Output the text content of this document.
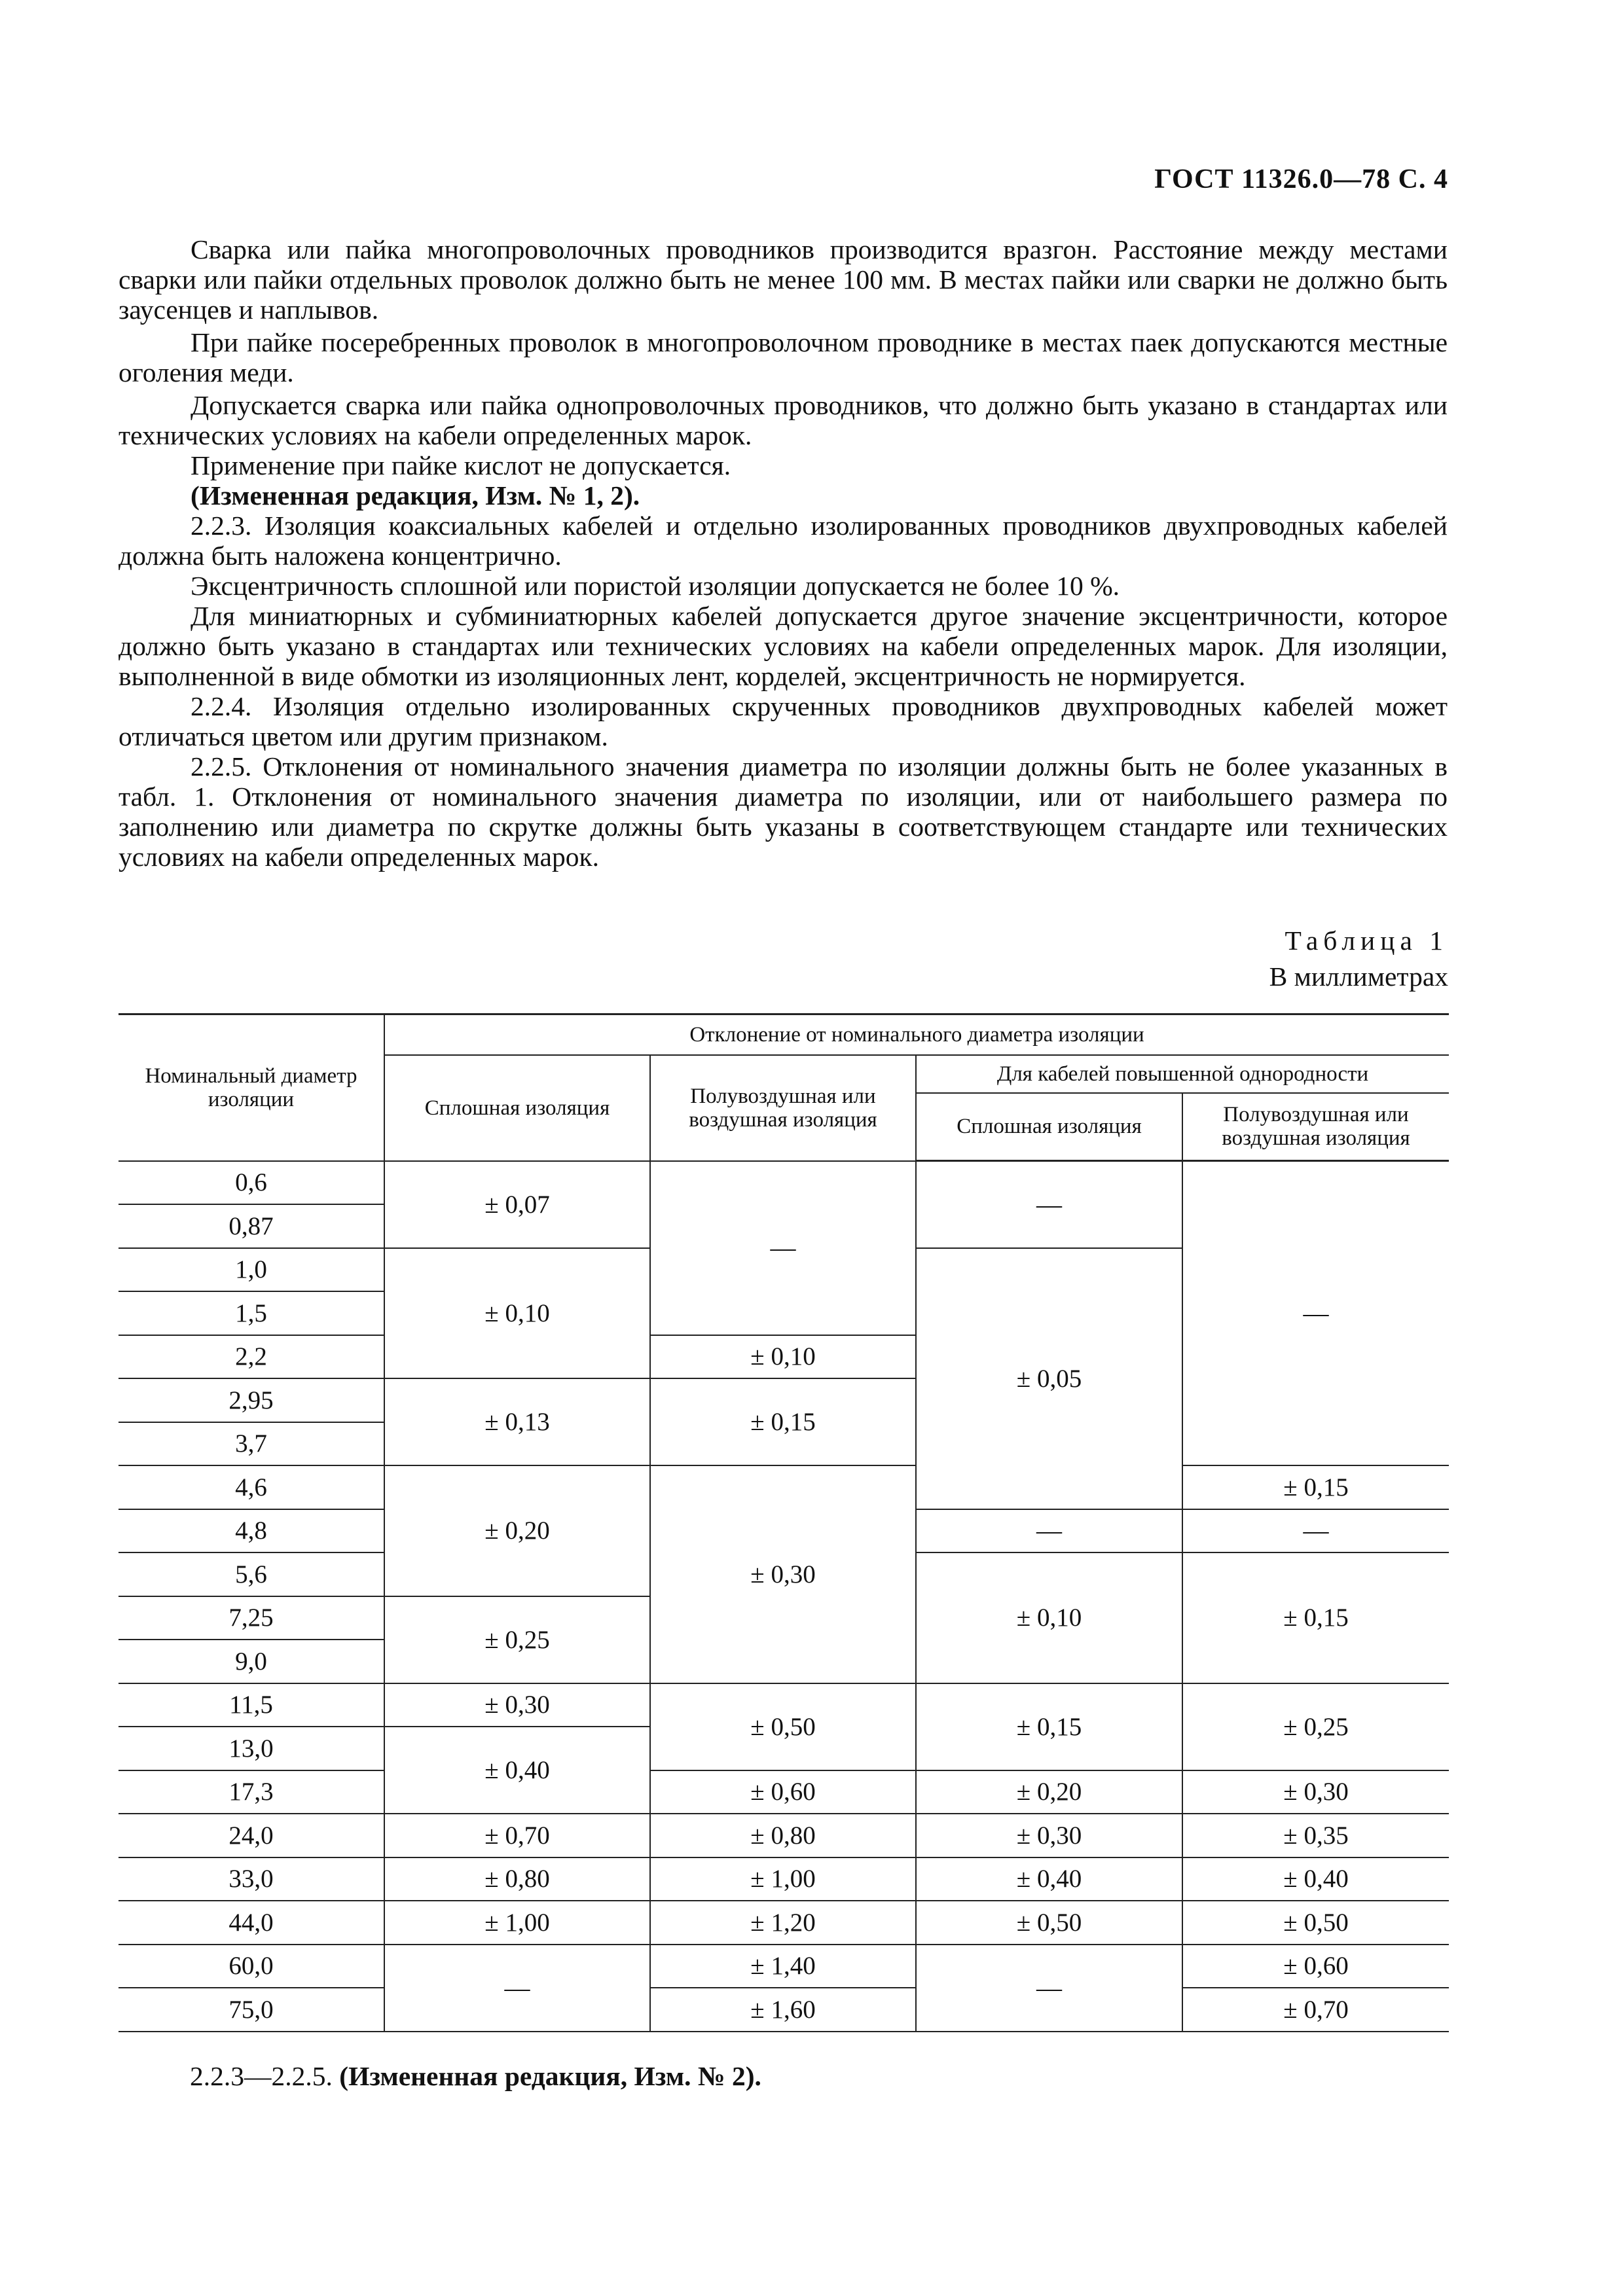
ГОСТ 11326.0—78 С. 4

Сварка или пайка многопроволочных проводников производится вразгон. Расстояние между местами сварки или пайки отдельных проволок должно быть не менее 100 мм. В местах пайки или сварки не должно быть заусенцев и наплывов.

При пайке посеребренных проволок в многопроволочном проводнике в местах паек допускаются местные оголения меди.

Допускается сварка или пайка однопроволочных проводников, что должно быть указано в стандартах или технических условиях на кабели определенных марок.

Применение при пайке кислот не допускается.

(Измененная редакция, Изм. № 1, 2).

2.2.3. Изоляция коаксиальных кабелей и отдельно изолированных проводников двухпроводных кабелей должна быть наложена концентрично.

Эксцентричность сплошной или пористой изоляции допускается не более 10 %.

Для миниатюрных и субминиатюрных кабелей допускается другое значение эксцентричности, которое должно быть указано в стандартах или технических условиях на кабели определенных марок. Для изоляции, выполненной в виде обмотки из изоляционных лент, корделей, эксцентричность не нормируется.

2.2.4. Изоляция отдельно изолированных скрученных проводников двухпроводных кабелей может отличаться цветом или другим признаком.

2.2.5. Отклонения от номинального значения диаметра по изоляции должны быть не более указанных в табл. 1. Отклонения от номинального значения диаметра по изоляции, или от наибольшего размера по заполнению или диаметра по скрутке должны быть указаны в соответствующем стандарте или технических условиях на кабели определенных марок.

Таблица 1
В миллиметрах
Номинальный диаметр изоляции	Отклонение от номинального диаметра изоляции			
	Сплошная изоляция	Полувоздушная или воздушная изоляция	Для кабелей повышенной однородности	
			Сплошная изоляция	Полувоздушная или воздушная изоляция
0,6	± 0,07	—	—	—
0,87				
1,0	± 0,10		± 0,05	
1,5				
2,2		± 0,10		
2,95	± 0,13	± 0,15		
3,7				
4,6	± 0,20	± 0,30		± 0,15
4,8			—	—
5,6			± 0,10	± 0,15
7,25	± 0,25			
9,0				
11,5	± 0,30	± 0,50	± 0,15	± 0,25
13,0	± 0,40			
17,3		± 0,60	± 0,20	± 0,30
24,0	± 0,70	± 0,80	± 0,30	± 0,35
33,0	± 0,80	± 1,00	± 0,40	± 0,40
44,0	± 1,00	± 1,20	± 0,50	± 0,50
60,0	—	± 1,40	—	± 0,60
75,0		± 1,60		± 0,70
2.2.3—2.2.5. (Измененная редакция, Изм. № 2).
